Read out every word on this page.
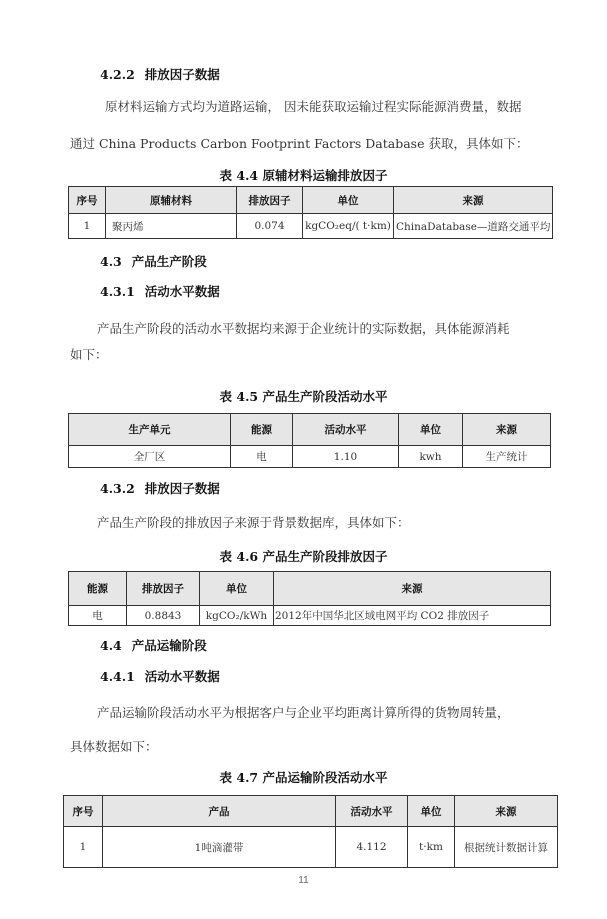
4.2.2 排放因子数据
原材料运输方式均为道路运输， 因未能获取运输过程实际能源消费量，数据
通过 China Products Carbon Footprint Factors Database 获取，具体如下：
表 4.4 原辅材料运输排放因子
序号	原辅材料	排放因子	单位	来源
1	聚丙烯	0.074	kgCO₂eq/( t·km)	ChinaDatabase—道路交通平均
4.3 产品生产阶段
4.3.1 活动水平数据
产品生产阶段的活动水平数据均来源于企业统计的实际数据，具体能源消耗
如下：
表 4.5 产品生产阶段活动水平
生产单元	能源	活动水平	单位	来源
全厂区	电	1.10	kwh	生产统计
4.3.2 排放因子数据
产品生产阶段的排放因子来源于背景数据库，具体如下：
表 4.6 产品生产阶段排放因子
能源	排放因子	单位	来源
电	0.8843	kgCO₂/kWh	2012年中国华北区域电网平均 CO2 排放因子
4.4 产品运输阶段
4.4.1 活动水平数据
产品运输阶段活动水平为根据客户与企业平均距离计算所得的货物周转量，
具体数据如下：
表 4.7 产品运输阶段活动水平
序号	产品	活动水平	单位	来源
1	1吨滴灌带	4.112	t·km	根据统计数据计算
11
